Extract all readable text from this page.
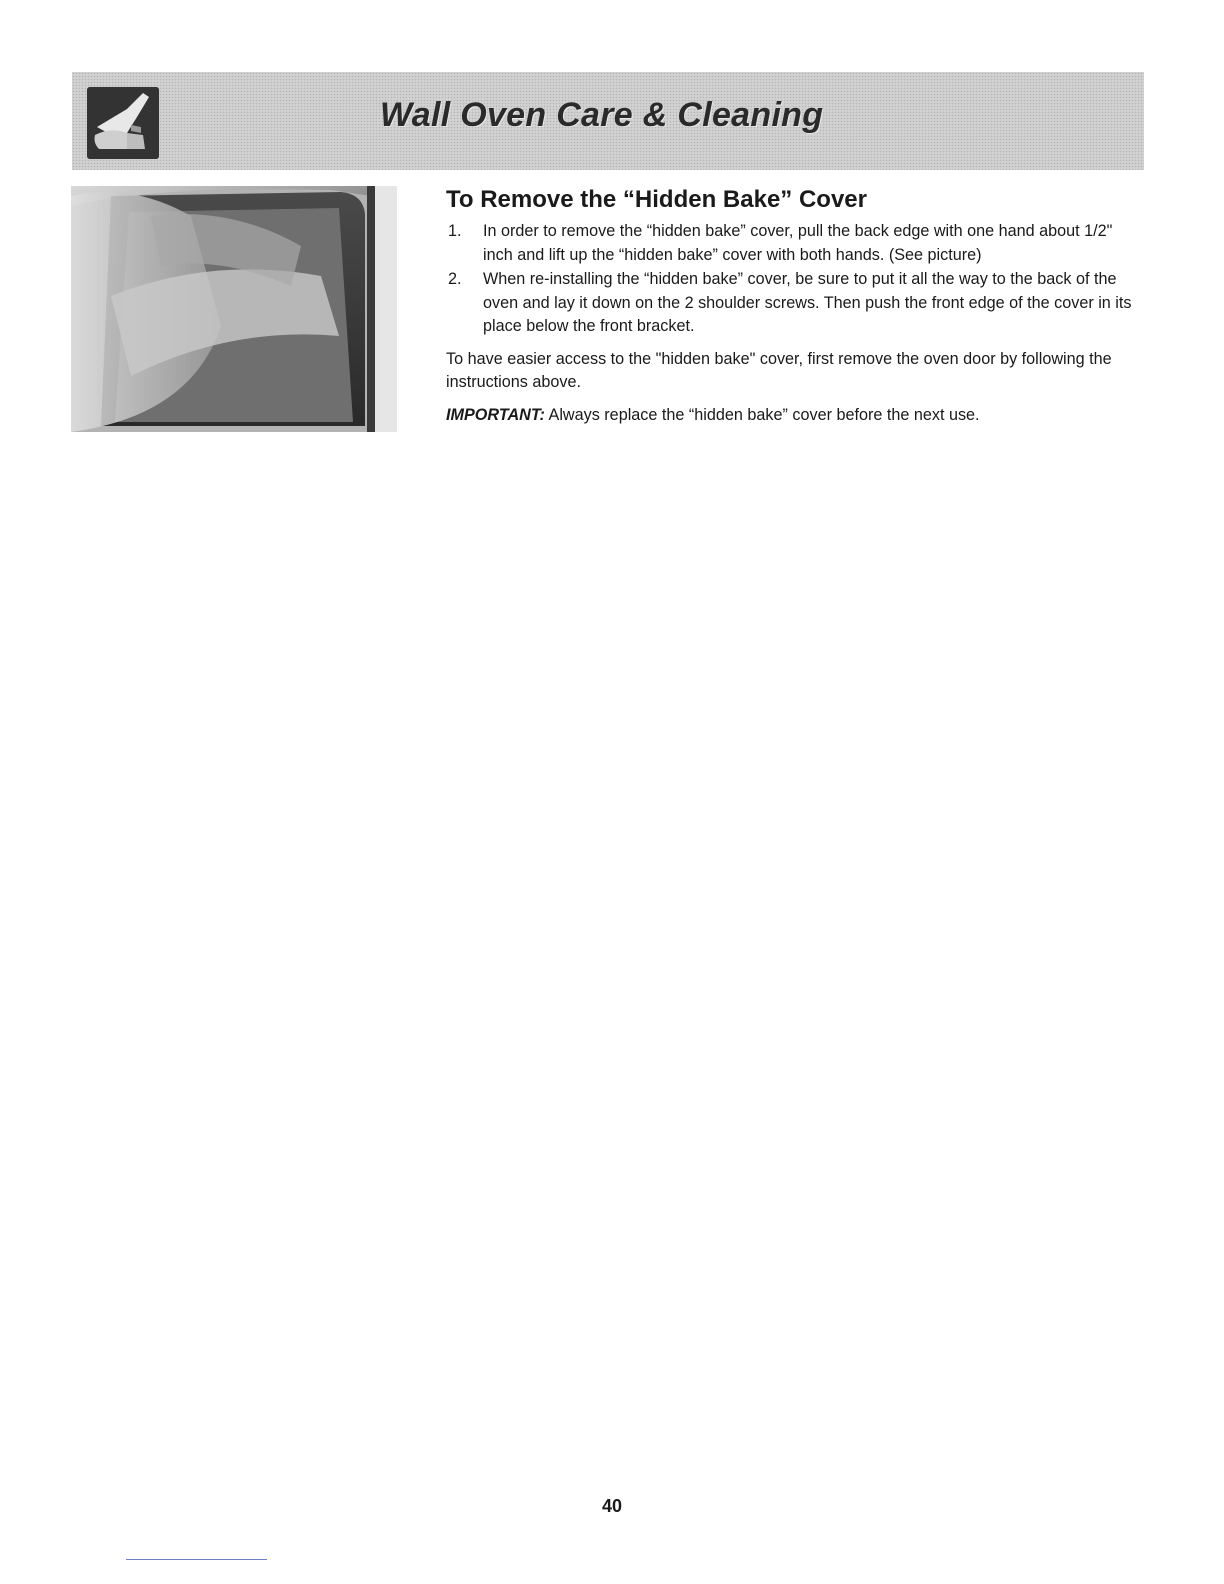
Wall Oven Care & Cleaning
To Remove the “Hidden Bake” Cover
1. In order to remove the “hidden bake” cover, pull the back edge with one hand about 1/2" inch and lift up the “hidden bake” cover with both hands. (See picture)
2. When re-installing the “hidden bake” cover, be sure to put it all the way to the back of the oven and lay it down on the 2 shoulder screws. Then push the front edge of the cover in its place below the front bracket.

To have easier access to the "hidden bake" cover, first remove the oven door by following the instructions above.

IMPORTANT: Always replace the “hidden bake” cover before the next use.

40
